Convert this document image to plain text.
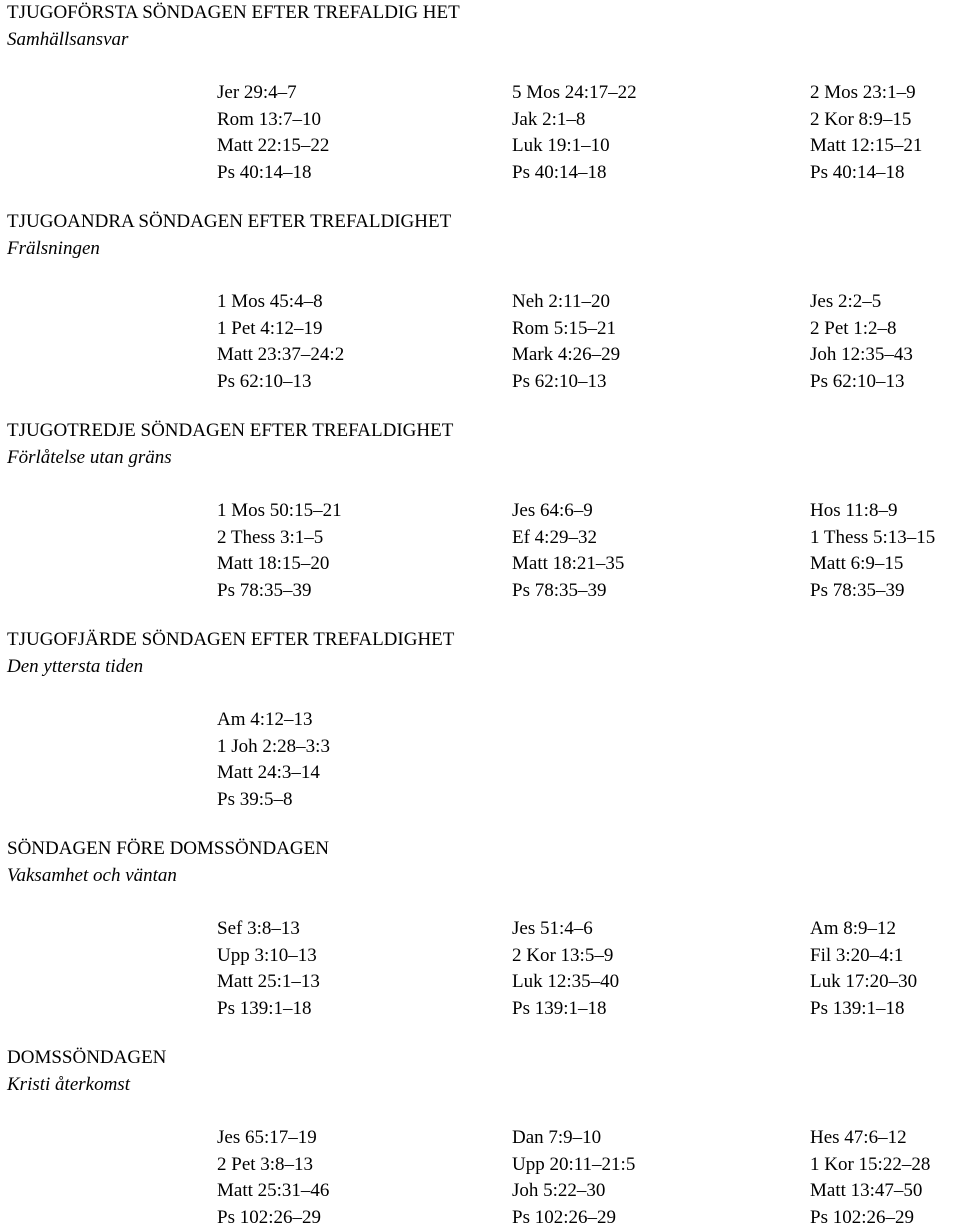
TJUGOFÖRSTA SÖNDAGEN EFTER TREFALDIG HET
Samhällsansvar
Jer 29:4–7
Rom 13:7–10
Matt 22:15–22
Ps 40:14–18
5 Mos 24:17–22
Jak 2:1–8
Luk 19:1–10
Ps 40:14–18
2 Mos 23:1–9
2 Kor 8:9–15
Matt 12:15–21
Ps 40:14–18
TJUGOANDRA SÖNDAGEN EFTER TREFALDIGHET
Frälsningen
1 Mos 45:4–8
1 Pet 4:12–19
Matt 23:37–24:2
Ps 62:10–13
Neh 2:11–20
Rom 5:15–21
Mark 4:26–29
Ps 62:10–13
Jes 2:2–5
2 Pet 1:2–8
Joh 12:35–43
Ps 62:10–13
TJUGOTREDJE SÖNDAGEN EFTER TREFALDIGHET
Förlåtelse utan gräns
1 Mos 50:15–21
2 Thess 3:1–5
Matt 18:15–20
Ps 78:35–39
Jes 64:6–9
Ef 4:29–32
Matt 18:21–35
Ps 78:35–39
Hos 11:8–9
1 Thess 5:13–15
Matt 6:9–15
Ps 78:35–39
TJUGOFJÄRDE SÖNDAGEN EFTER TREFALDIGHET
Den yttersta tiden
Am 4:12–13
1 Joh 2:28–3:3
Matt 24:3–14
Ps 39:5–8
SÖNDAGEN FÖRE DOMSSÖNDAGEN
Vaksamhet och väntan
Sef 3:8–13
Upp 3:10–13
Matt 25:1–13
Ps 139:1–18
Jes 51:4–6
2 Kor 13:5–9
Luk 12:35–40
Ps 139:1–18
Am 8:9–12
Fil 3:20–4:1
Luk 17:20–30
Ps 139:1–18
DOMSSÖNDAGEN
Kristi återkomst
Jes 65:17–19
2 Pet 3:8–13
Matt 25:31–46
Ps 102:26–29
Dan 7:9–10
Upp 20:11–21:5
Joh 5:22–30
Ps 102:26–29
Hes 47:6–12
1 Kor 15:22–28
Matt 13:47–50
Ps 102:26–29
